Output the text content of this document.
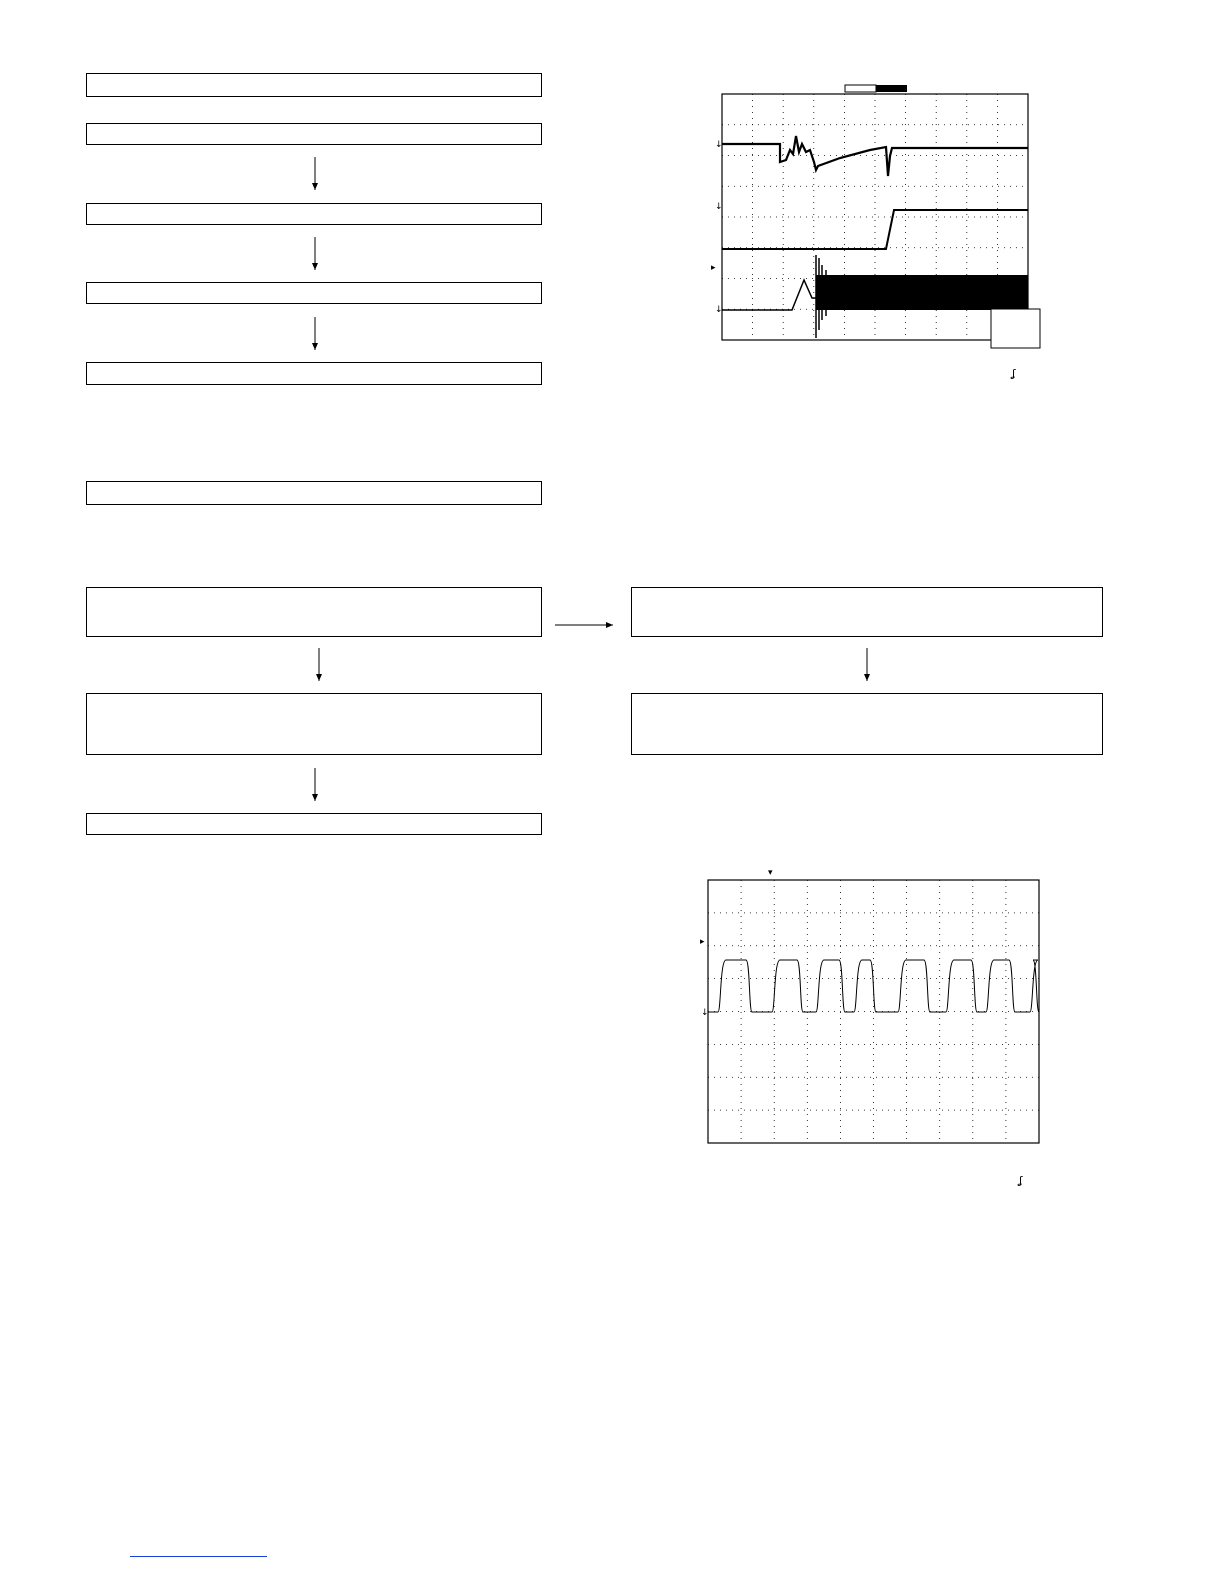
↓
↓
▸
↓
ʆ
▾
▸
↓
ʆ
